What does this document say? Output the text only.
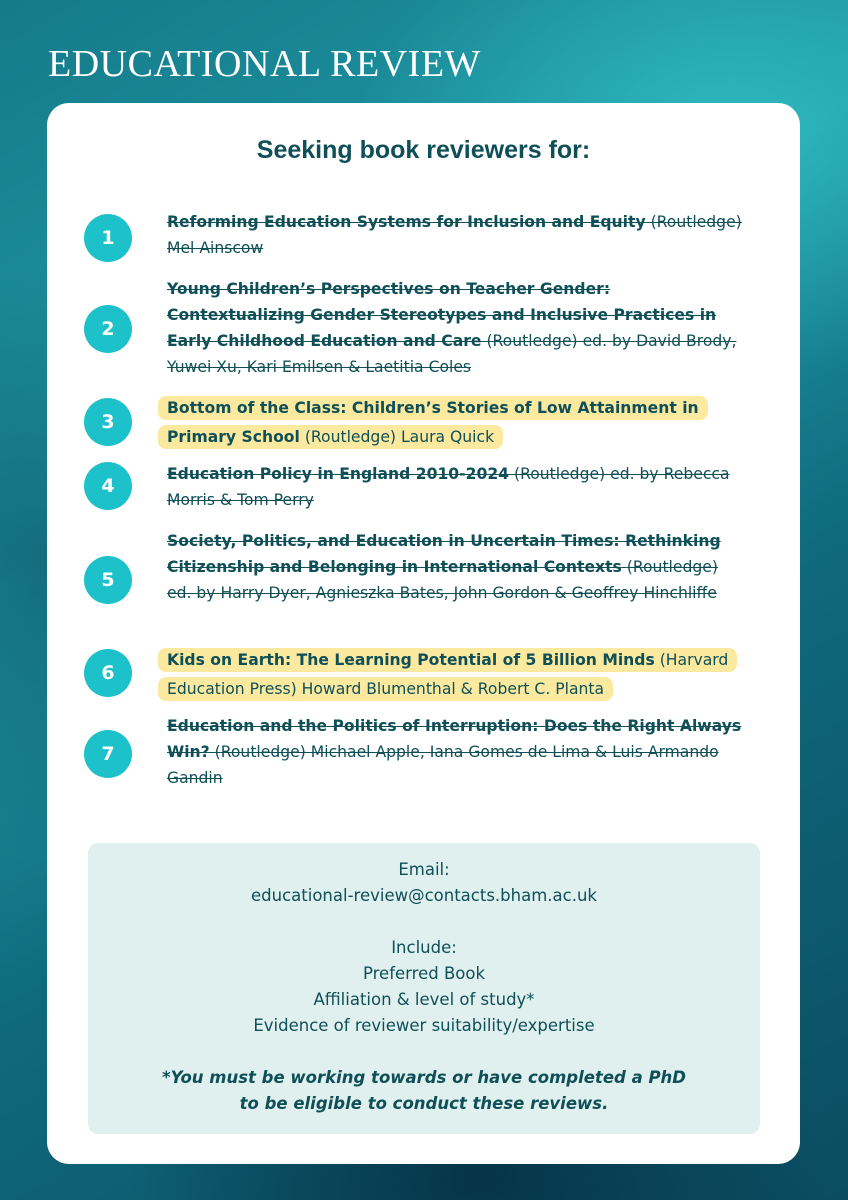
EDUCATIONAL REVIEW
Seeking book reviewers for:
1
Reforming Education Systems for Inclusion and Equity (Routledge) Mel Ainscow
2
Young Children’s Perspectives on Teacher Gender: Contextualizing Gender Stereotypes and Inclusive Practices in Early Childhood Education and Care (Routledge) ed. by David Brody, Yuwei Xu, Kari Emilsen & Laetitia Coles
3
Bottom of the Class: Children’s Stories of Low Attainment in Primary School (Routledge) Laura Quick
4
Education Policy in England 2010-2024 (Routledge) ed. by Rebecca Morris & Tom Perry
5
Society, Politics, and Education in Uncertain Times: Rethinking Citizenship and Belonging in International Contexts (Routledge) ed. by Harry Dyer, Agnieszka Bates, John Gordon & Geoffrey Hinchliffe
6
Kids on Earth: The Learning Potential of 5 Billion Minds (Harvard Education Press) Howard Blumenthal & Robert C. Planta
7
Education and the Politics of Interruption: Does the Right Always Win? (Routledge) Michael Apple, Iana Gomes de Lima & Luis Armando Gandin
Email:
educational-review@contacts.bham.ac.uk
Include:
Preferred Book
Affiliation & level of study*
Evidence of reviewer suitability/expertise
*You must be working towards or have completed a PhD
to be eligible to conduct these reviews.
